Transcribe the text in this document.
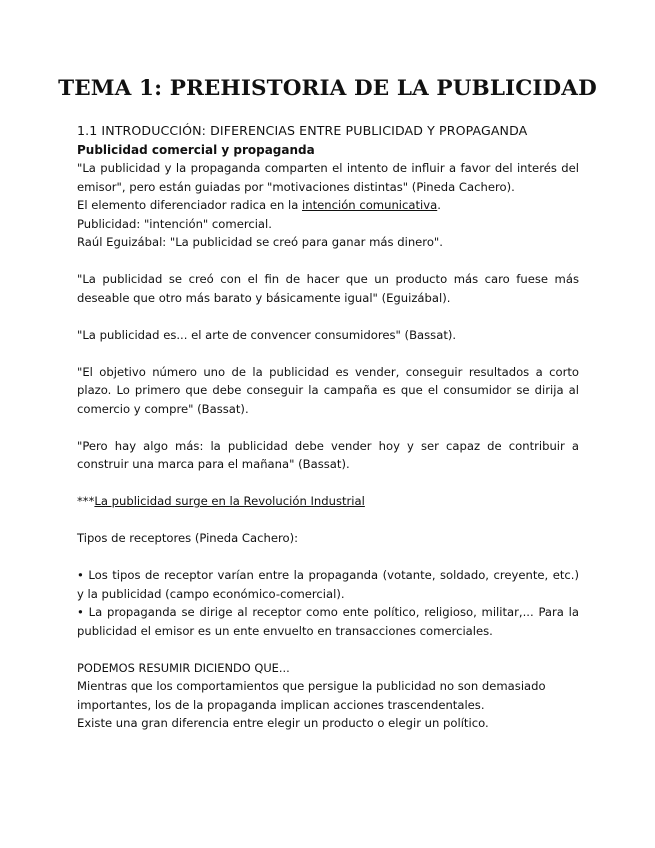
TEMA 1: PREHISTORIA DE LA PUBLICIDAD

1.1 INTRODUCCIÓN: DIFERENCIAS ENTRE PUBLICIDAD Y PROPAGANDA

Publicidad comercial y propaganda

"La publicidad y la propaganda comparten el intento de influir a favor del interés del emisor", pero están guiadas por "motivaciones distintas" (Pineda Cachero).

El elemento diferenciador radica en la intención comunicativa.

Publicidad: "intención" comercial.

Raúl Eguizábal: "La publicidad se creó para ganar más dinero".

"La publicidad se creó con el fin de hacer que un producto más caro fuese más deseable que otro más barato y básicamente igual" (Eguizábal).

"La publicidad es... el arte de convencer consumidores" (Bassat).

"El objetivo número uno de la publicidad es vender, conseguir resultados a corto plazo. Lo primero que debe conseguir la campaña es que el consumidor se dirija al comercio y compre" (Bassat).

"Pero hay algo más: la publicidad debe vender hoy y ser capaz de contribuir a construir una marca para el mañana" (Bassat).

***La publicidad surge en la Revolución Industrial

Tipos de receptores (Pineda Cachero):

• Los tipos de receptor varían entre la propaganda (votante, soldado, creyente, etc.) y la publicidad (campo económico-comercial).

• La propaganda se dirige al receptor como ente político, religioso, militar,... Para la publicidad el emisor es un ente envuelto en transacciones comerciales.

PODEMOS RESUMIR DICIENDO QUE...

Mientras que los comportamientos que persigue la publicidad no son demasiado

importantes, los de la propaganda implican acciones trascendentales.

Existe una gran diferencia entre elegir un producto o elegir un político.
